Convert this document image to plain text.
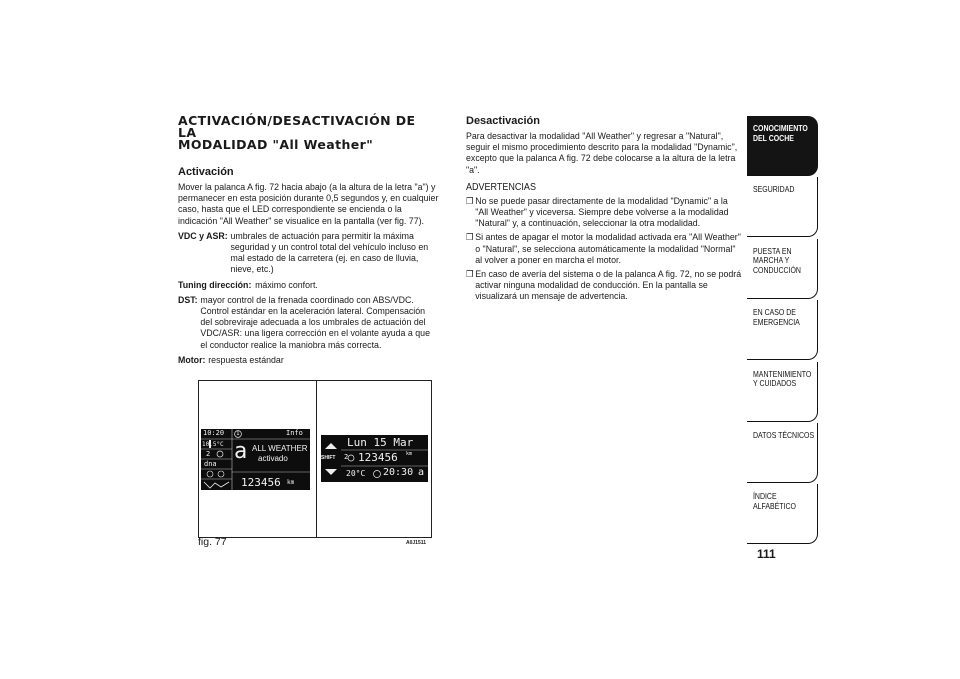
ACTIVACIÓN/DESACTIVACIÓN DE LA
MODALIDAD "All Weather"
Activación

Mover la palanca A fig. 72 hacia abajo (a la altura de la letra "a") y permanecer en esta posición durante 0,5 segundos y, en cualquier caso, hasta que el LED correspondiente se encienda o la indicación "All Weather" se visualice en la pantalla (ver fig. 77).

VDC y ASR: umbrales de actuación para permitir la máxima seguridad y un control total del vehículo incluso en mal estado de la carretera (ej. en caso de lluvia, nieve, etc.)
Tuning dirección: máximo confort.
DST: mayor control de la frenada coordinado con ABS/VDC. Control estándar en la aceleración lateral. Compensación del sobreviraje adecuada a los umbrales de actuación del VDC/ASR: una ligera corrección en el volante ayuda a que el conductor realice la maniobra más correcta.
Motor: respuesta estándar
10:20 1	Info
10.5°C
2
dna a ALL WEATHER
activado
123456 km
Lun 15 Mar
SHIFT 2 123456 km
20°C 20:30 a
fig. 77	A0J1511
Desactivación

Para desactivar la modalidad "All Weather" y regresar a "Natural", seguir el mismo procedimiento descrito para la modalidad "Dynamic", excepto que la palanca A fig. 72 debe colocarse a la altura de la letra "a".

ADVERTENCIAS
❒ No se puede pasar directamente de la modalidad "Dynamic" a la "All Weather" y viceversa. Siempre debe volverse a la modalidad "Natural" y, a continuación, seleccionar la otra modalidad.
❒ Si antes de apagar el motor la modalidad activada era "All Weather" o "Natural", se selecciona automáticamente la modalidad "Normal" al volver a poner en marcha el motor.
❒ En caso de avería del sistema o de la palanca A fig. 72, no se podrá activar ninguna modalidad de conducción. En la pantalla se visualizará un mensaje de advertencia.
CONOCIMIENTO DEL COCHE
SEGURIDAD
PUESTA EN MARCHA Y CONDUCCIÓN
EN CASO DE EMERGENCIA
MANTENIMIENTO Y CUIDADOS
DATOS TÉCNICOS
ÍNDICE ALFABÉTICO
111
